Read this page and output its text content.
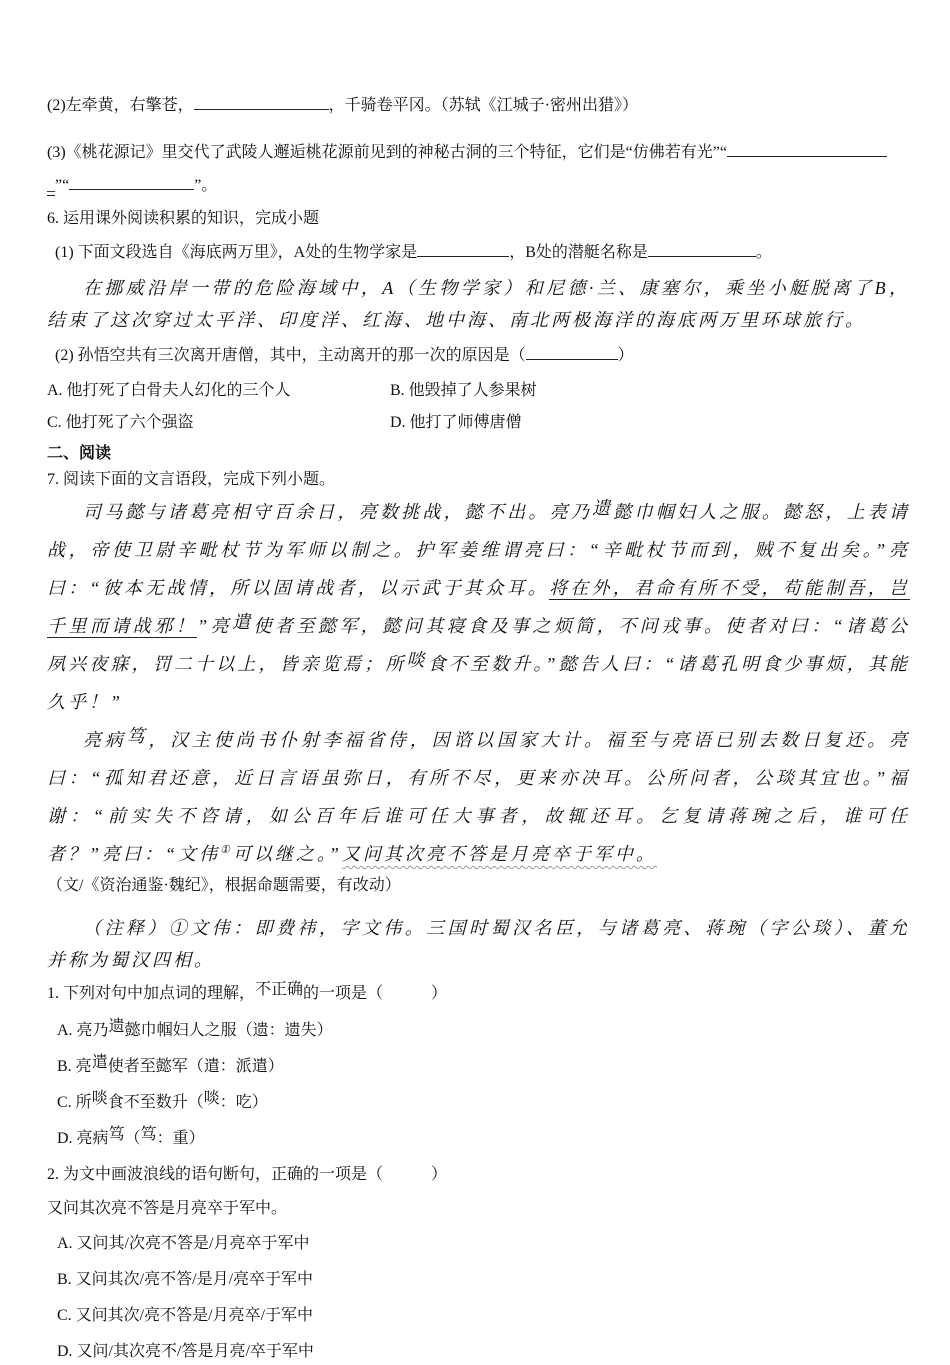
(2)左牵黄，右擎苍，	，千骑卷平冈。（苏轼《江城子·密州出猎》）

(3)《桃花源记》里交代了武陵人邂逅桃花源前见到的神秘古洞的三个特征，它们是“仿佛若有光”“

_”“	”。

6. 运用课外阅读积累的知识，完成小题

(1) 下面文段选自《海底两万里》，A处的生物学家是	，B处的潜艇名称是	。

在挪威沿岸一带的危险海域中，A（生物学家）和尼德·兰、康塞尔，乘坐小艇脱离了B，结束了这次穿过太平洋、印度洋、红海、地中海、南北两极海洋的海底两万里环球旅行。

(2) 孙悟空共有三次离开唐僧，其中，主动离开的那一次的原因是（	）

A. 他打死了白骨夫人幻化的三个人	B. 他毁掉了人参果树

C. 他打死了六个强盗	D. 他打了师傅唐僧

二、阅读

7. 阅读下面的文言语段，完成下列小题。

司马懿与诸葛亮相守百余日，亮数挑战，懿不出。亮乃遗懿巾帼妇人之服。懿怒，上表请战，帝使卫尉辛毗杖节为军师以制之。护军姜维谓亮曰：“辛毗杖节而到，贼不复出矣。”亮曰：“彼本无战情，所以固请战者，以示武于其众耳。将在外，君命有所不受，苟能制吾，岂千里而请战邪！”亮遣使者至懿军，懿问其寝食及事之烦简，不问戎事。使者对曰：“诸葛公夙兴夜寐，罚二十以上，皆亲览焉；所啖食不至数升。”懿告人曰：“诸葛孔明食少事烦，其能久乎！”

亮病笃，汉主使尚书仆射李福省侍，因谘以国家大计。福至与亮语已别去数日复还。亮曰：“孤知君还意，近日言语虽弥日，有所不尽，更来亦决耳。公所问者，公琰其宜也。”福谢：“前实失不咨请，如公百年后谁可任大事者，故辄还耳。乞复请蒋琬之后，谁可任者？”亮曰：“文伟①可以继之。”又问其次亮不答是月亮卒于军中。

（文/《资治通鉴·魏纪》，根据命题需要，有改动）

（注释）①文伟：即费祎，字文伟。三国时蜀汉名臣，与诸葛亮、蒋琬（字公琰）、董允并称为蜀汉四相。

1. 下列对句中加点词的理解，不正确的一项是（　　　）

A. 亮乃遗懿巾帼妇人之服（遗：遗失）

B. 亮遣使者至懿军（遣：派遣）

C. 所啖食不至数升（啖：吃）

D. 亮病笃（笃：重）

2. 为文中画波浪线的语句断句，正确的一项是（　　　）

又问其次亮不答是月亮卒于军中。

A. 又问其/次亮不答是/月亮卒于军中

B. 又问其次/亮不答/是月/亮卒于军中

C. 又问其次/亮不答是/月亮卒/于军中

D. 又问/其次亮不/答是月亮/卒于军中
